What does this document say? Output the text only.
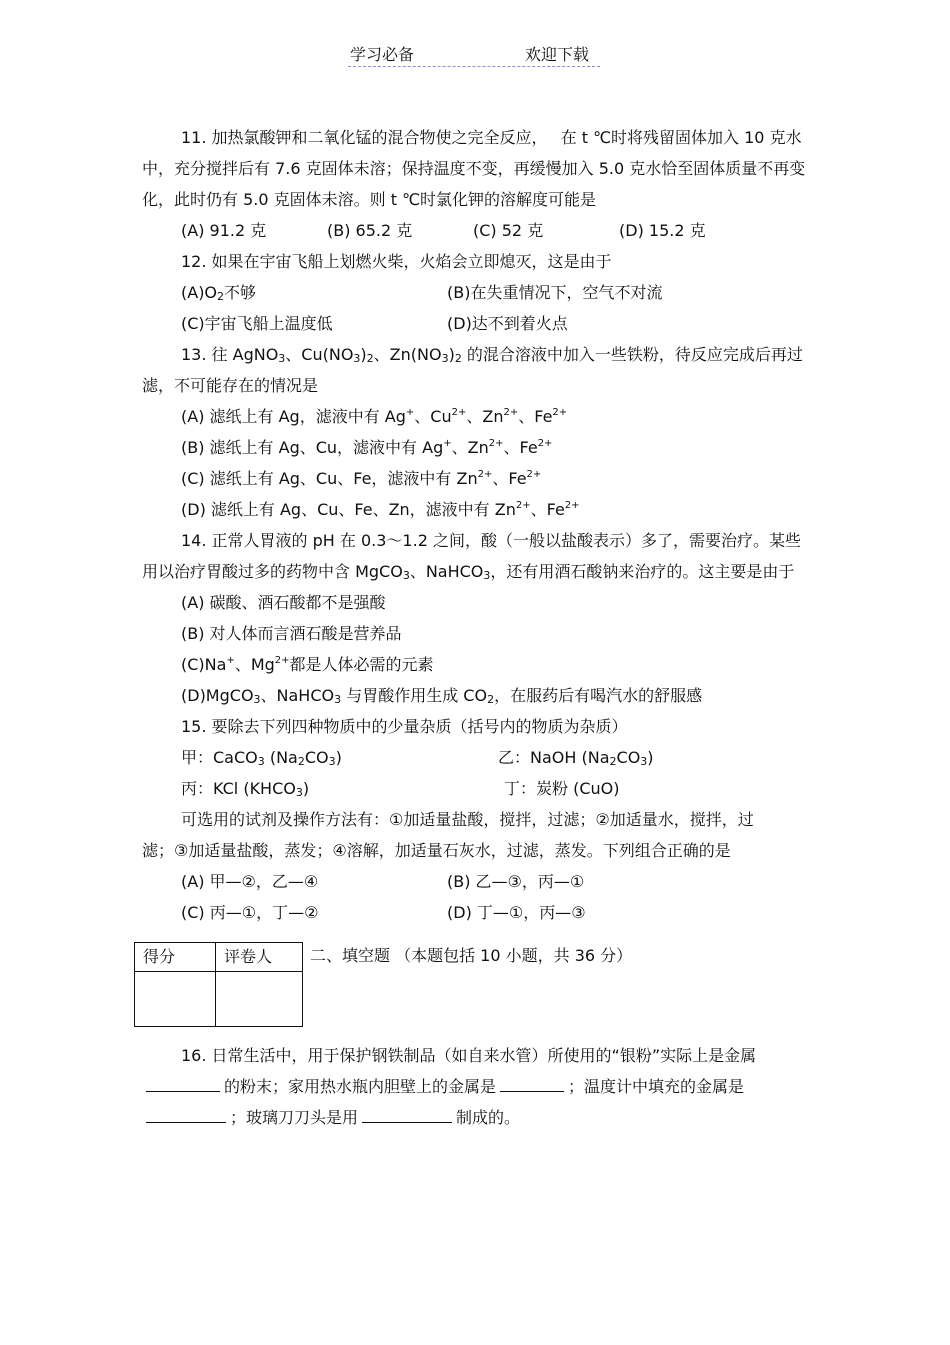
学习必备	欢迎下载
11. 加热氯酸钾和二氧化锰的混合物使之完全反应，　 在 t ℃时将残留固体加入 10 克水中，充分搅拌后有 7.6 克固体未溶；保持温度不变，再缓慢加入 5.0 克水恰至固体质量不再变化，此时仍有 5.0 克固体未溶。则 t ℃时氯化钾的溶解度可能是
(A) 91.2 克	(B) 65.2 克	(C) 52 克	(D) 15.2 克
12. 如果在宇宙飞船上划燃火柴，火焰会立即熄灭，这是由于
$(A)O_2$不够	(B)在失重情况下，空气不对流
(C)宇宙飞船上温度低	(D)达不到着火点
13. 往 AgNO$_3$、$Cu(NO_3)_2$、$Zn(NO_3)_2$ 的混合溶液中加入一些铁粉，待反应完成后再过滤，不可能存在的情况是
(A) 滤纸上有 Ag，滤液中有 Ag+、$Cu^{2+}$、$Zn^{2+}$、$Fe^{2+}$
(B) 滤纸上有 Ag、Cu，滤液中有 Ag+、$Zn^{2+}$、$Fe^{2+}$
(C) 滤纸上有 Ag、Cu、Fe，滤液中有 $Zn^{2+}$、$Fe^{2+}$
(D) 滤纸上有 Ag、Cu、Fe、Zn，滤液中有 $Zn^{2+}$、$Fe^{2+}$
14. 正常人胃液的 pH 在 0.3～1.2 之间，酸（一般以盐酸表示）多了，需要治疗。某些用以治疗胃酸过多的药物中含 MgCO$_3$、NaHCO$_3$，还有用酒石酸钠来治疗的。这主要是由于
(A) 碳酸、酒石酸都不是强酸
(B) 对人体而言酒石酸是营养品
(C)Na+、$Mg^{2+}$都是人体必需的元素
(D)MgCO$_3$、NaHCO$_3$ 与胃酸作用生成 $CO_2$，在服药后有喝汽水的舒服感
15. 要除去下列四种物质中的少量杂质（括号内的物质为杂质）
甲：CaCO$_3$ $(Na_2CO_3)$	乙：NaOH $(Na_2CO_3)$
丙：KCl $(KHCO_3)$	丁：炭粉 (CuO)
可选用的试剂及操作方法有：①加适量盐酸，搅拌，过滤；②加适量水，搅拌，过滤；③加适量盐酸，蒸发；④溶解，加适量石灰水，过滤，蒸发。下列组合正确的是
(A) 甲—②，乙—④	(B) 乙—③，丙—①
(C) 丙—①，丁—②	(D) 丁—①，丙—③
得分	评卷人
	二、填空题 （本题包括 10 小题，共 36 分）
16. 日常生活中，用于保护钢铁制品（如自来水管）所使用的“银粉”实际上是金属的粉末；家用热水瓶内胆壁上的金属是	；温度计中填充的金属是；玻璃刀刀头是用	制成的。
